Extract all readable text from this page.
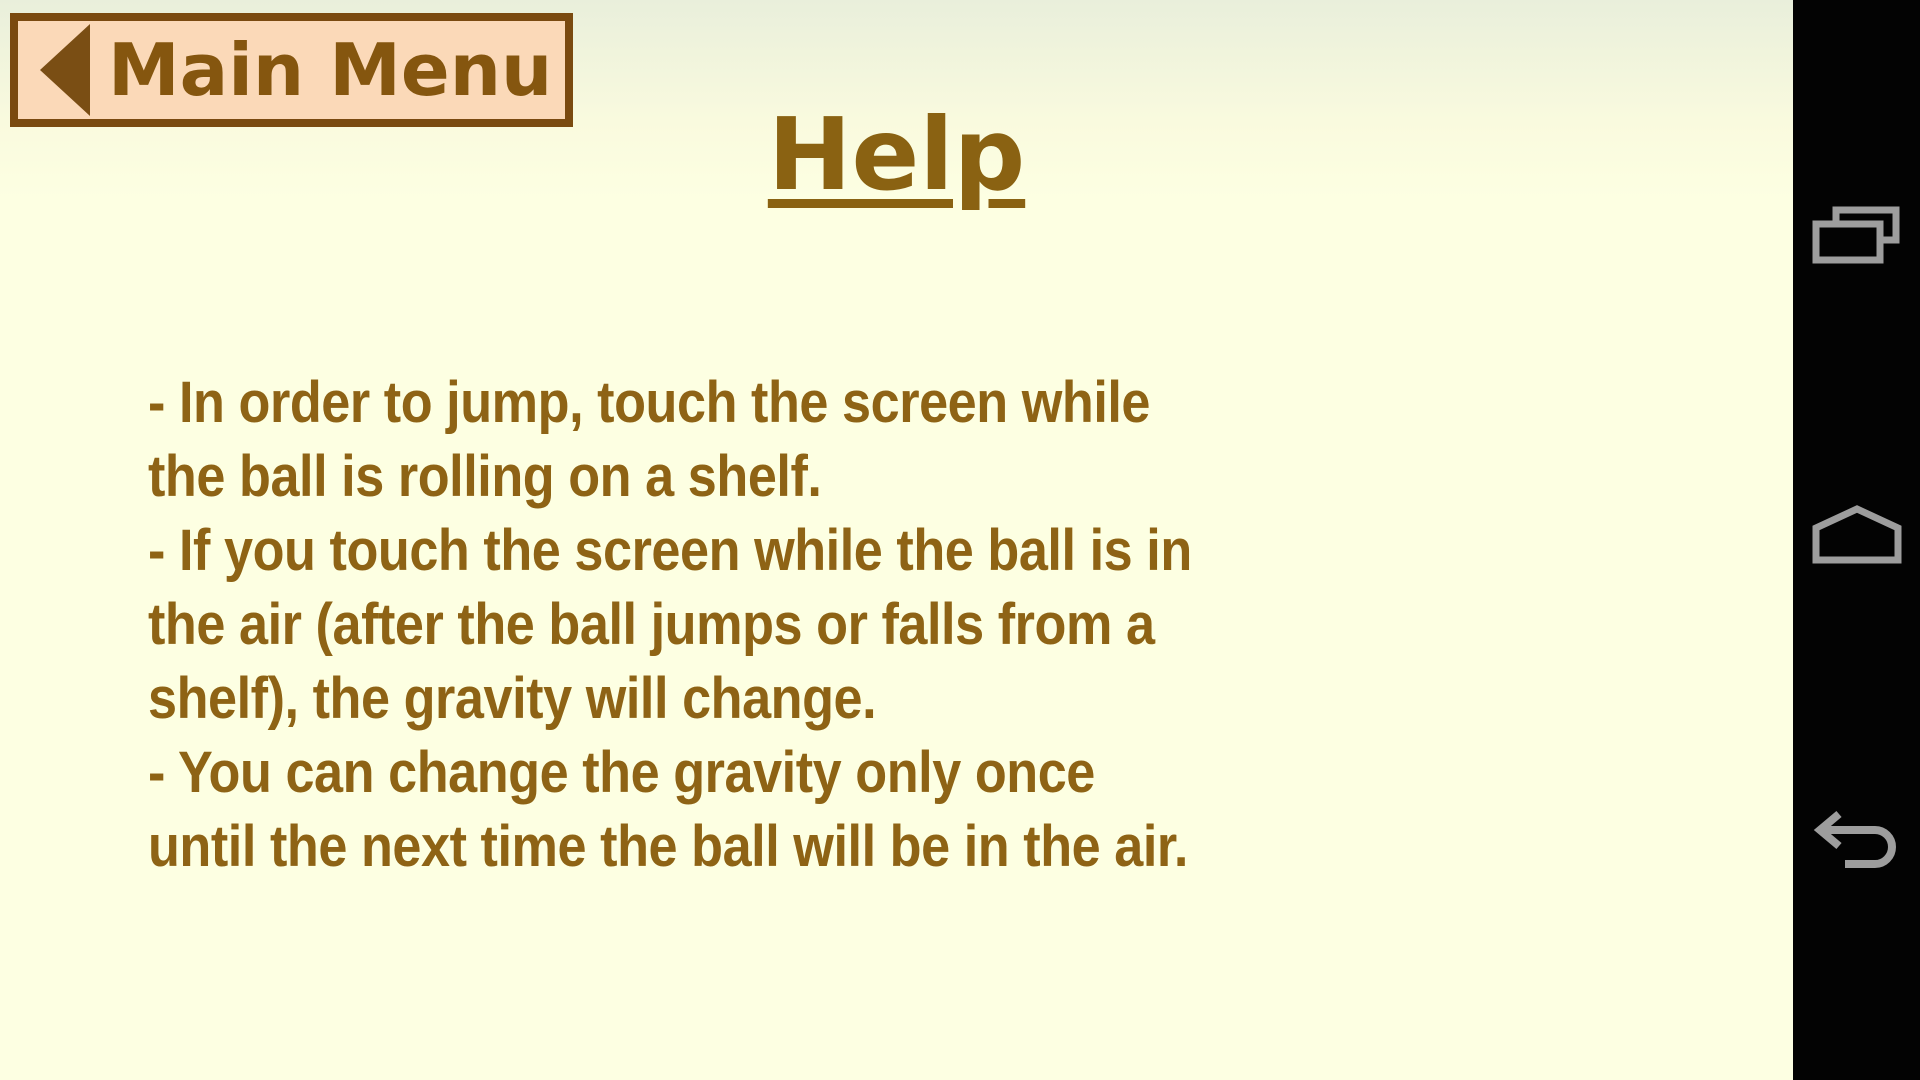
Main Menu
Help
- In order to jump, touch the screen while
the ball is rolling on a shelf.
- If you touch the screen while the ball is in
the air (after the ball jumps or falls from a
shelf), the gravity will change.
- You can change the gravity only once
until the next time the ball will be in the air.
